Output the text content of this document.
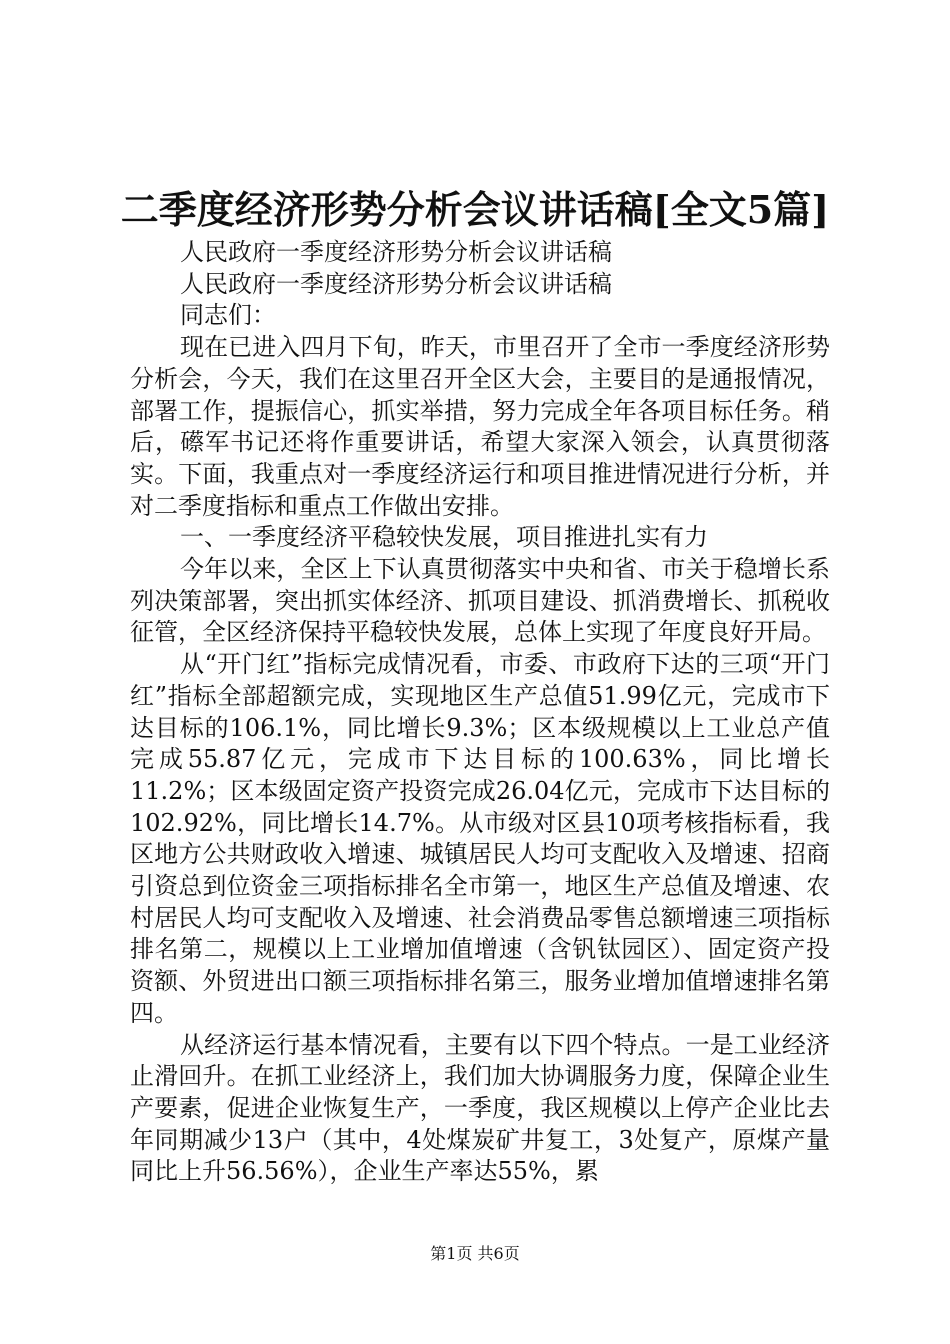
二季度经济形势分析会议讲话稿[全文5篇]

人民政府一季度经济形势分析会议讲话稿

人民政府一季度经济形势分析会议讲话稿

同志们：

现在已进入四月下旬，昨天，市里召开了全市一季度经济形势分析会，今天，我们在这里召开全区大会，主要目的是通报情况，部署工作，提振信心，抓实举措，努力完成全年各项目标任务。稍后，礤军书记还将作重要讲话，希望大家深入领会，认真贯彻落实。下面，我重点对一季度经济运行和项目推进情况进行分析，并对二季度指标和重点工作做出安排。

一、一季度经济平稳较快发展，项目推进扎实有力

今年以来，全区上下认真贯彻落实中央和省、市关于稳增长系列决策部署，突出抓实体经济、抓项目建设、抓消费增长、抓税收征管，全区经济保持平稳较快发展，总体上实现了年度良好开局。

从“开门红”指标完成情况看，市委、市政府下达的三项“开门红”指标全部超额完成，实现地区生产总值51.99亿元，完成市下达目标的106.1%，同比增长9.3%；区本级规模以上工业总产值完成55.87亿元，完成市下达目标的100.63%，同比增长11.2%；区本级固定资产投资完成26.04亿元，完成市下达目标的102.92%，同比增长14.7%。从市级对区县10项考核指标看，我区地方公共财政收入增速、城镇居民人均可支配收入及增速、招商引资总到位资金三项指标排名全市第一，地区生产总值及增速、农村居民人均可支配收入及增速、社会消费品零售总额增速三项指标排名第二，规模以上工业增加值增速（含钒钛园区）、固定资产投资额、外贸进出口额三项指标排名第三，服务业增加值增速排名第四。

从经济运行基本情况看，主要有以下四个特点。一是工业经济止滑回升。在抓工业经济上，我们加大协调服务力度，保障企业生产要素，促进企业恢复生产，一季度，我区规模以上停产企业比去年同期减少13户（其中，4处煤炭矿井复工，3处复产，原煤产量同比上升56.56%），企业生产率达55%，累

第1页 共6页
